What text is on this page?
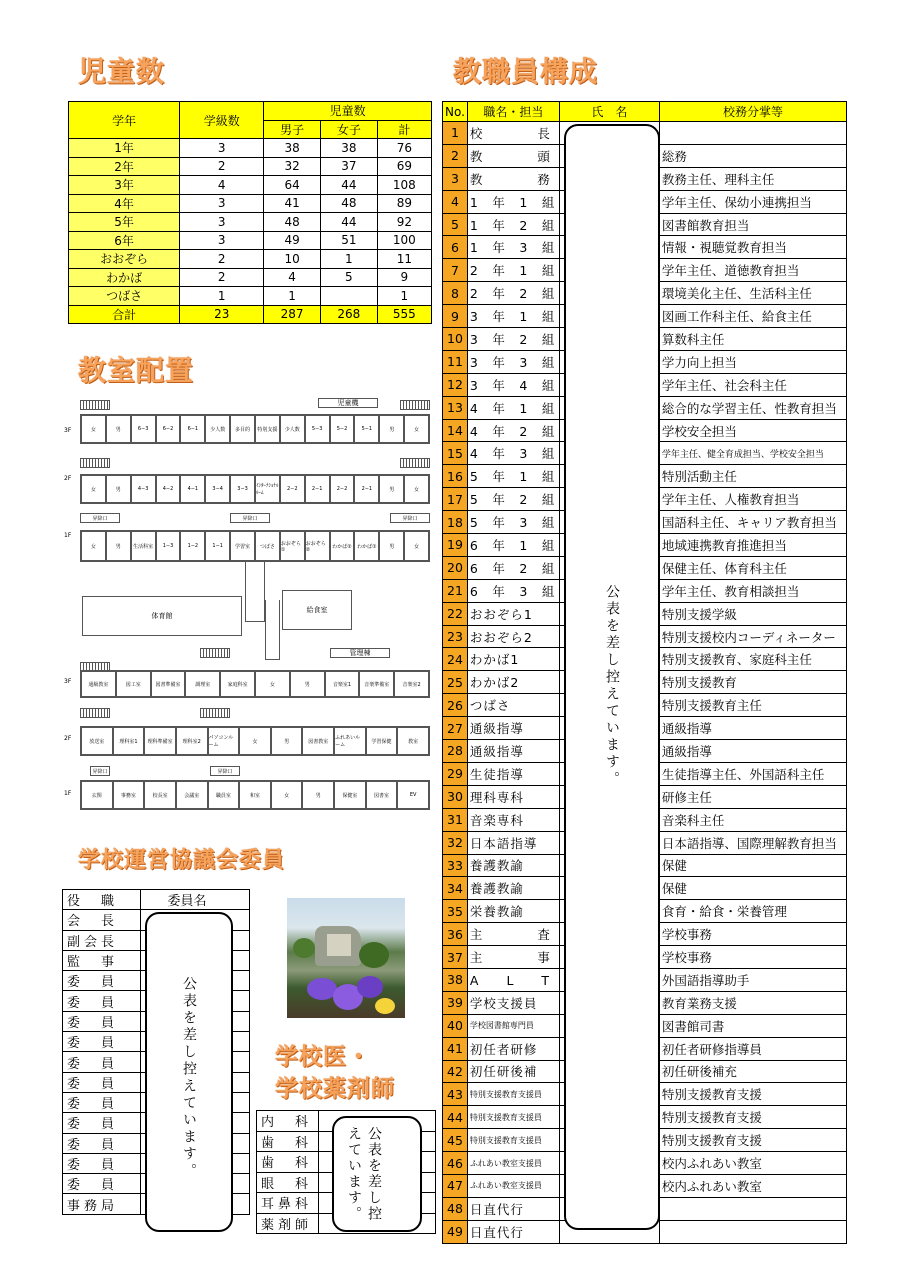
児童数	教職員構成
教室配置
学校運営協議会委員
学校医・
学校薬剤師
学年	学級数	児童数		
		男子	女子	計
1年	3	38	38	76
2年	2	32	37	69
3年	4	64	44	108
4年	3	41	48	89
5年	3	48	44	92
6年	3	49	51	100
おおぞら	2	10	1	11
わかば	2	4	5	9
つばさ	1	1		1
合計	23	287	268	555
児童機
3F	女	男	6−3	6−2	6−1	少人数	多目的	特別支援	少人数	5−3	5−2	5−1	男	女
2F
女	男	4−3	4−2	4−1	3−4	3−3	ｲﾝﾀｰﾅｼｮﾅﾙﾙｰﾑ
2−2	2−1	2−2	2−1	男	女
昇降口	昇降口	昇降口
1F
女	男	生活科室	1−3	1−2	1−1	学習室	つばさ	おおぞら①
おおぞら②	わかば②	わかば①	男	女
体育館
給食室
管理棟
3F	通級教室	図工室	図書準備室	調理室	家庭科室	女	男	音楽室1	音楽準備室	音楽室2
2F	放送室	理科室1	理科準備室	理科室2
パソコンルーム
女	男	図書教室
ふれあいルーム
学習保健	教室
昇降口	昇降口
1F	玄関	事務室	校長室	会議室	職員室	和室	女	男	保健室	図書室	EV
No.	職名・担当	氏　名	校務分掌等
1	校　　　　長		
2	教　　　　頭		総務
3	教　　　　務		教務主任、理科主任
4	1　年　1　組		学年主任、保幼小連携担当
5	1　年　2　組		図書館教育担当
6	1　年　3　組		情報・視聴覚教育担当
7	2　年　1　組		学年主任、道徳教育担当
8	2　年　2　組		環境美化主任、生活科主任
9	3　年　1　組		図画工作科主任、給食主任
10	3　年　2　組		算数科主任
11	3　年　3　組		学力向上担当
12	3　年　4　組		学年主任、社会科主任
13	4　年　1　組		総合的な学習主任、性教育担当
14	4　年　2　組		学校安全担当
15	4　年　3　組		学年主任、健全育成担当、学校安全担当
16	5　年　1　組		特別活動主任
17	5　年　2　組		学年主任、人権教育担当
18	5　年　3　組		国語科主任、キャリア教育担当
19	6　年　1　組		地域連携教育推進担当
20	6　年　2　組		保健主任、体育科主任
21	6　年　3　組		学年主任、教育相談担当
22	おおぞら1		特別支援学級
23	おおぞら2		特別支援校内コーディネーター
24	わかば1		特別支援教育、家庭科主任
25	わかば2		特別支援教育
26	つばさ		特別支援教育主任
27	通級指導		通級指導
28	通級指導		通級指導
29	生徒指導		生徒指導主任、外国語科主任
30	理科専科		研修主任
31	音楽専科		音楽科主任
32	日本語指導		日本語指導、国際理解教育担当
33	養護教諭		保健
34	養護教諭		保健
35	栄養教諭		食育・給食・栄養管理
36	主　　　　査		学校事務
37	主　　　　事		学校事務
38	A　　L　　T		外国語指導助手
39	学校支援員		教育業務支援
40	学校図書館専門員		図書館司書
41	初任者研修		初任者研修指導員
42	初任研後補		初任研後補充
43	特別支援教育支援員		特別支援教育支援
44	特別支援教育支援員		特別支援教育支援
45	特別支援教育支援員		特別支援教育支援
46	ふれあい教室支援員		校内ふれあい教室
47	ふれあい教室支援員		校内ふれあい教室
48	日直代行		
49	日直代行		
公表を差し控えています。
役　職	委員名
会　長	
副会長	
監　事	
委　員	
委　員	
委　員	
委　員	
委　員	
委　員	
委　員	
委　員	
委　員	
委　員	
委　員	
事務局	
公表を差し控えています。	内　科	
歯　科	
歯　科	
眼　科	
耳鼻科	
薬剤師	
公表を差し控えています。
